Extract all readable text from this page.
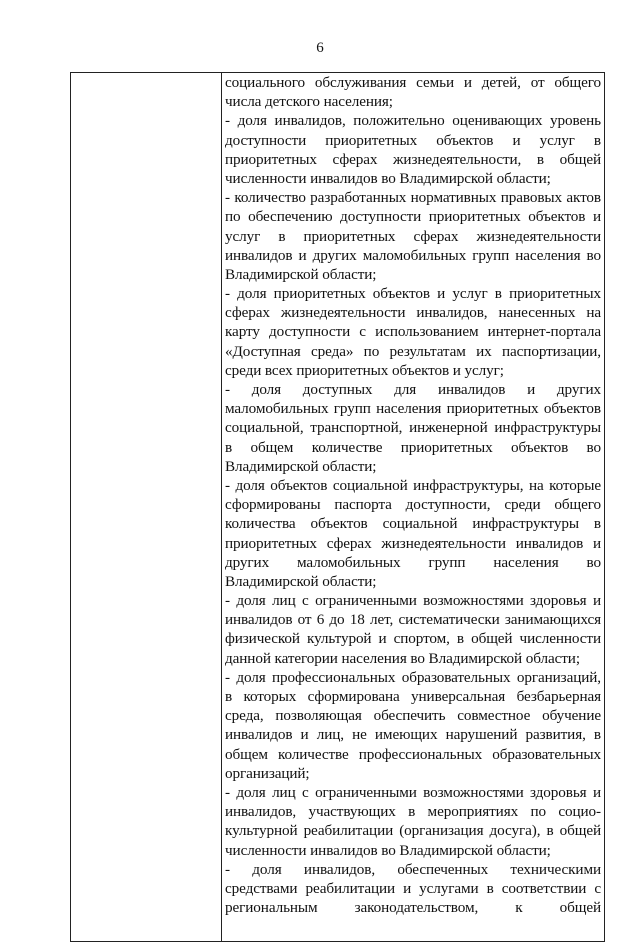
6
социального обслуживания семьи и детей, от общего
числа детского населения;
- доля инвалидов, положительно оценивающих уровень
доступности приоритетных объектов и услуг в
приоритетных сферах жизнедеятельности, в общей
численности инвалидов во Владимирской области;
- количество разработанных нормативных правовых актов
по обеспечению доступности приоритетных объектов и
услуг в приоритетных сферах жизнедеятельности
инвалидов и других маломобильных групп населения во
Владимирской области;
- доля приоритетных объектов и услуг в приоритетных
сферах жизнедеятельности инвалидов, нанесенных на
карту доступности с использованием интернет-портала
«Доступная среда» по результатам их паспортизации,
среди всех приоритетных объектов и услуг;
- доля доступных для инвалидов и других
маломобильных групп населения приоритетных объектов
социальной, транспортной, инженерной инфраструктуры
в общем количестве приоритетных объектов во
Владимирской области;
- доля объектов социальной инфраструктуры, на которые
сформированы паспорта доступности, среди общего
количества объектов социальной инфраструктуры в
приоритетных сферах жизнедеятельности инвалидов и
других маломобильных групп населения во
Владимирской области;
- доля лиц с ограниченными возможностями здоровья и
инвалидов от 6 до 18 лет, систематически занимающихся
физической культурой и спортом, в общей численности
данной категории населения во Владимирской области;
- доля профессиональных образовательных организаций,
в которых сформирована универсальная безбарьерная
среда, позволяющая обеспечить совместное обучение
инвалидов и лиц, не имеющих нарушений развития, в
общем количестве профессиональных образовательных
организаций;
- доля лиц с ограниченными возможностями здоровья и
инвалидов, участвующих в мероприятиях по социо-
культурной реабилитации (организация досуга), в общей
численности инвалидов во Владимирской области;
- доля инвалидов, обеспеченных техническими
средствами реабилитации и услугами в соответствии с
региональным законодательством, к общей
